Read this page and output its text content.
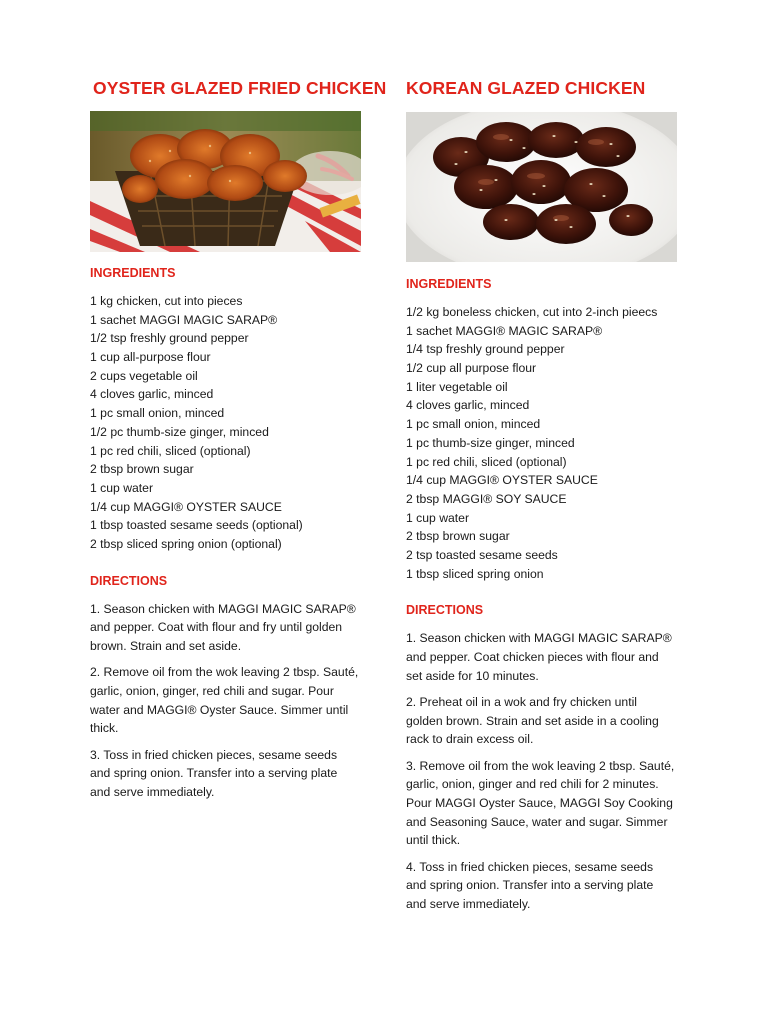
OYSTER GLAZED FRIED CHICKEN
INGREDIENTS
1 kg chicken, cut into pieces
1 sachet MAGGI MAGIC SARAP®
1/2 tsp freshly ground pepper
1 cup all-purpose flour
2 cups vegetable oil
4 cloves garlic, minced
1 pc small onion, minced
1/2 pc thumb-size ginger, minced
1 pc red chili, sliced (optional)
2 tbsp brown sugar
1 cup water
1/4 cup MAGGI® OYSTER SAUCE
1 tbsp toasted sesame seeds (optional)
2 tbsp sliced spring onion (optional)
DIRECTIONS

1. Season chicken with MAGGI MAGIC SARAP® and pepper. Coat with flour and fry until golden brown. Strain and set aside.

2. Remove oil from the wok leaving 2 tbsp. Sauté, garlic, onion, ginger, red chili and sugar. Pour water and MAGGI® Oyster Sauce. Simmer until thick.

3. Toss in fried chicken pieces, sesame seeds and spring onion. Transfer into a serving plate and serve immediately.

KOREAN GLAZED CHICKEN
INGREDIENTS
1/2 kg boneless chicken, cut into 2-inch pieecs
1 sachet MAGGI® MAGIC SARAP®
1/4 tsp freshly ground pepper
1/2 cup all purpose flour
1 liter vegetable oil
4 cloves garlic, minced
1 pc small onion, minced
1 pc thumb-size ginger, minced
1 pc red chili, sliced (optional)
1/4 cup MAGGI® OYSTER SAUCE
2 tbsp MAGGI® SOY SAUCE
1 cup water
2 tbsp brown sugar
2 tsp toasted sesame seeds
1 tbsp sliced spring onion
DIRECTIONS

1. Season chicken with MAGGI MAGIC SARAP® and pepper. Coat chicken pieces with flour and set aside for 10 minutes.

2. Preheat oil in a wok and fry chicken until golden brown. Strain and set aside in a cooling rack to drain excess oil.

3. Remove oil from the wok leaving 2 tbsp. Sauté, garlic, onion, ginger and red chili for 2 minutes. Pour MAGGI Oyster Sauce, MAGGI Soy Cooking and Seasoning Sauce, water and sugar. Simmer until thick.

4. Toss in fried chicken pieces, sesame seeds and spring onion. Transfer into a serving plate and serve immediately.
